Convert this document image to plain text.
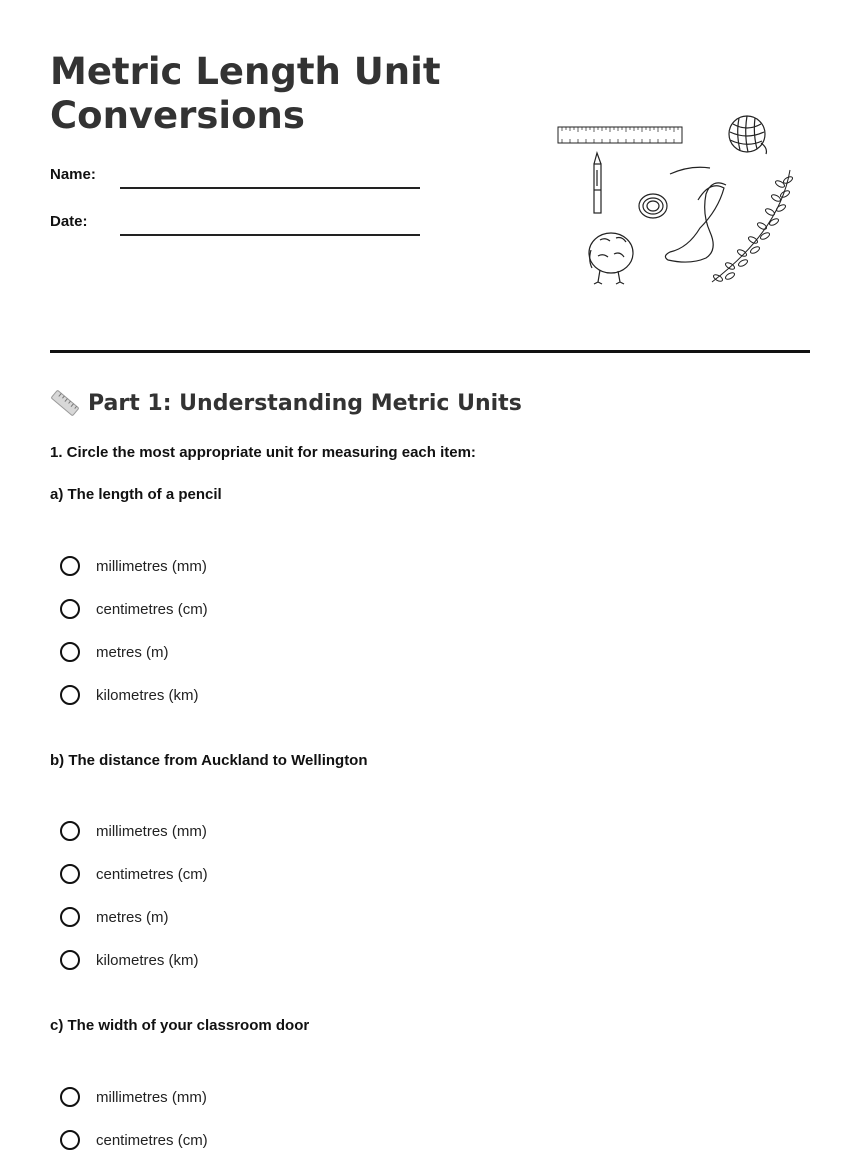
Metric Length Unit Conversions
Name:
Date:
Part 1: Understanding Metric Units
1. Circle the most appropriate unit for measuring each item:
a) The length of a pencil
millimetres (mm)
centimetres (cm)
metres (m)
kilometres (km)
b) The distance from Auckland to Wellington
millimetres (mm)
centimetres (cm)
metres (m)
kilometres (km)
c) The width of your classroom door
millimetres (mm)
centimetres (cm)
